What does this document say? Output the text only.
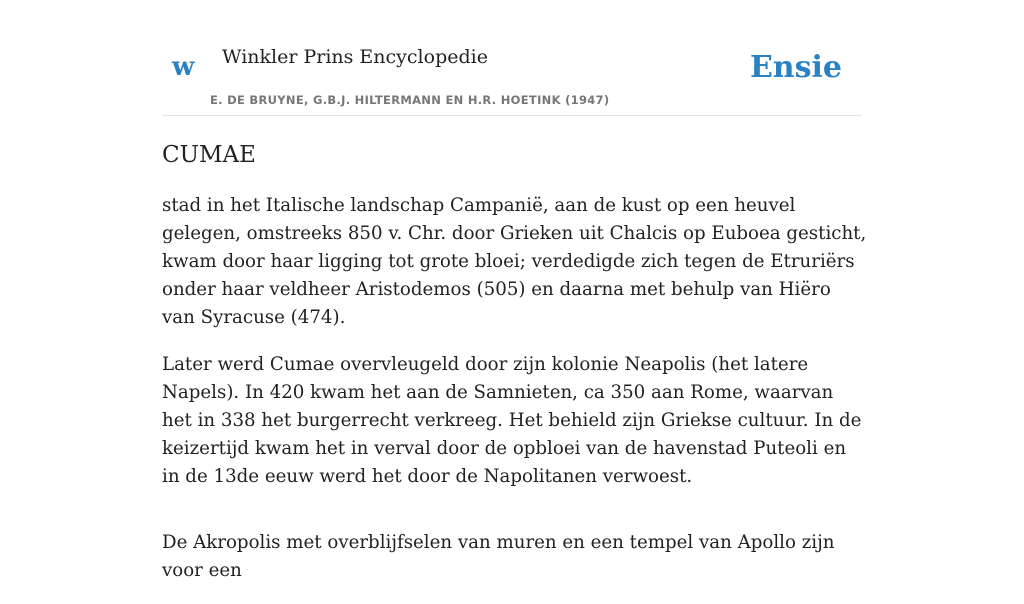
w Winkler Prins Encyclopedie
E. DE BRUYNE, G.B.J. HILTERMANN EN H.R. HOETINK (1947)
Ensie
CUMAE

stad in het Italische landschap Campanië, aan de kust op een heuvel gelegen, omstreeks 850 v. Chr. door Grieken uit Chalcis op Euboea gesticht, kwam door haar ligging tot grote bloei; verdedigde zich tegen de Etruriërs onder haar veldheer Aristodemos (505) en daarna met behulp van Hiëro van Syracuse (474).

Later werd Cumae overvleugeld door zijn kolonie Neapolis (het latere Napels). In 420 kwam het aan de Samnieten, ca 350 aan Rome, waarvan het in 338 het burgerrecht verkreeg. Het behield zijn Griekse cultuur. In de keizertijd kwam het in verval door de opbloei van de havenstad Puteoli en in de 13de eeuw werd het door de Napolitanen verwoest.

De Akropolis met overblijfselen van muren en een tempel van Apollo zijn voor een
